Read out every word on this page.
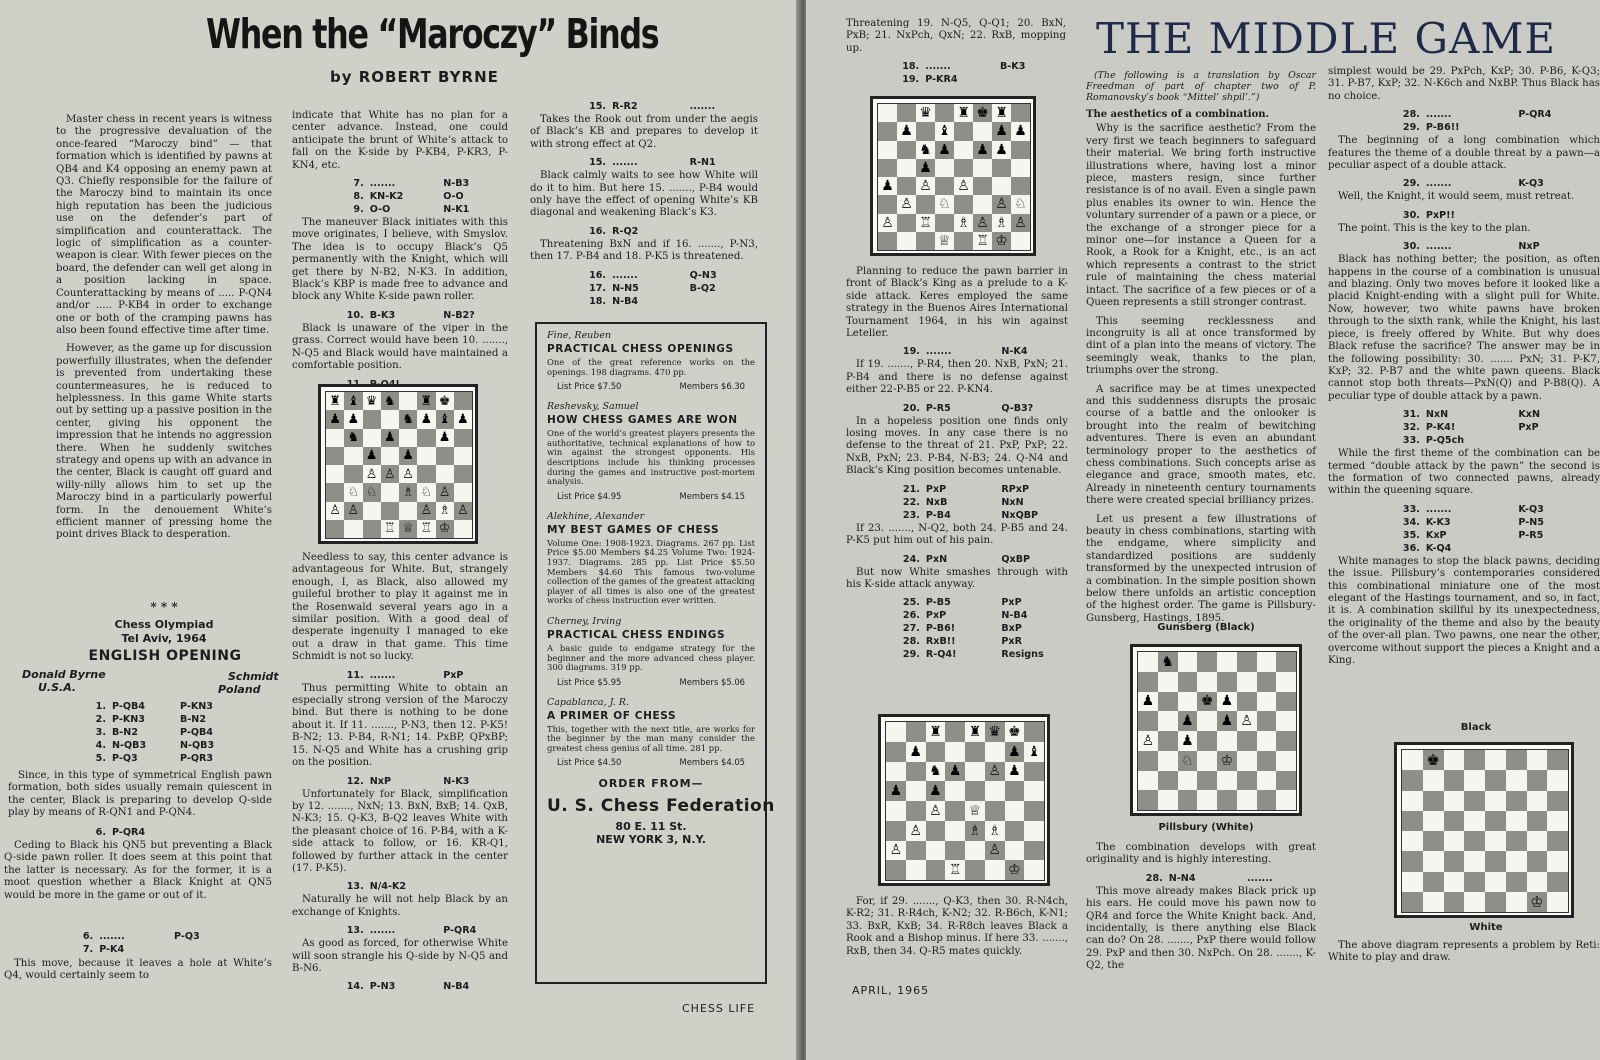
When the “Maroczy” Binds
by ROBERT BYRNE

Master chess in recent years is witness to the progressive devaluation of the once-feared “Maroczy bind” — that formation which is identified by pawns at QB4 and K4 opposing an enemy pawn at Q3. Chiefly responsible for the failure of the Maroczy bind to maintain its once high reputation has been the judicious use on the defender’s part of simplification and counterattack. The logic of simplification as a counter-weapon is clear. With fewer pieces on the board, the defender can well get along in a position lacking in space. Counterattacking by means of ..... P-QN4 and/or ..... P-KB4 in order to exchange one or both of the cramping pawns has also been found effective time after time.

However, as the game up for discussion powerfully illustrates, when the defender is prevented from undertaking these countermeasures, he is reduced to helplessness. In this game White starts out by setting up a passive position in the center, giving his opponent the impression that he intends no aggression there. When he suddenly switches strategy and opens up with an advance in the center, Black is caught off guard and willy-nilly allows him to set up the Maroczy bind in a particularly powerful form. In the denouement White’s efficient manner of pressing home the point drives Black to desperation.

* * *
Chess Olympiad
Tel Aviv, 1964
ENGLISH OPENING
Donald Byrne
U.S.A.
Schmidt
Poland
1. P-QB4	P-KN3
2. P-KN3	B-N2
3. B-N2	P-QB4
4. N-QB3	N-QB3
5. P-Q3	P-QR3

Since, in this type of symmetrical English pawn formation, both sides usually remain quiescent in the center, Black is preparing to develop Q-side play by means of R-QN1 and P-QN4.

6. P-QR4

Ceding to Black his QN5 but preventing a Black Q-side pawn roller. It does seem at this point that the latter is necessary. As for the former, it is a moot question whether a Black Knight at QN5 would be more in the game or out of it.

6. .......	P-Q3
7. P-K4

This move, because it leaves a hole at White’s Q4, would certainly seem to

indicate that White has no plan for a center advance. Instead, one could anticipate the brunt of White’s attack to fall on the K-side by P-KB4, P-KR3, P-KN4, etc.

7. .......	N-B3
8. KN-K2	O-O
9. O-O	N-K1

The maneuver Black initiates with this move originates, I believe, with Smyslov. The idea is to occupy Black’s Q5 permanently with the Knight, which will get there by N-B2, N-K3. In addition, Black’s KBP is made free to advance and block any White K-side pawn roller.

10. B-K3	N-B2?

Black is unaware of the viper in the grass. Correct would have been 10. ......., N-Q5 and Black would have maintained a comfortable position.

♜ ♝ ♛ ♞ ♜ ♚
♟ ♟	♞ ♟ ♝ ♟
♞ ♟	♟
♟ ♟
♙ ♙ ♙
♘ ♘ ♗ ♘ ♙
♙ ♙	♙ ♗ ♙
♖ ♕ ♖ ♔

Needless to say, this center advance is advantageous for White. But, strangely enough, I, as Black, also allowed my guileful brother to play it against me in the Rosenwald several years ago in a similar position. With a good deal of desperate ingenuity I managed to eke out a draw in that game. This time Schmidt is not so lucky.

11. .......	PxP

Thus permitting White to obtain an especially strong version of the Maroczy bind. But there is nothing to be done about it. If 11. ......., P-N3, then 12. P-K5! B-N2; 13. P-B4, R-N1; 14. PxBP, QPxBP; 15. N-Q5 and White has a crushing grip on the position.

12. NxP	N-K3

Unfortunately for Black, simplification by 12. ......., NxN; 13. BxN, BxB; 14. QxB, N-K3; 15. Q-K3, B-Q2 leaves White with the pleasant choice of 16. P-B4, with a K-side attack to follow, or 16. KR-Q1, followed by further attack in the center (17. P-K5).

13. N/4-K2

Naturally he will not help Black by an exchange of Knights.

13. .......	P-QR4

As good as forced, for otherwise White will soon strangle his Q-side by N-Q5 and B-N6.

14. P-N3	N-B4
15. R-R2	.......

Takes the Rook out from under the aegis of Black’s KB and prepares to develop it with strong effect at Q2.

15. .......	R-N1

Black calmly waits to see how White will do it to him. But here 15. ......., P-B4 would only have the effect of opening White’s KB diagonal and weakening Black’s K3.

16. R-Q2

Threatening BxN and if 16. ......., P-N3, then 17. P-B4 and 18. P-K5 is threatened.

16. .......	Q-N3
17. N-N5	B-Q2
18. N-B4
Fine, Reuben
PRACTICAL CHESS OPENINGS
One of the great reference works on the openings. 198 diagrams. 470 pp.
List Price $7.50	Members $6.30
Reshevsky, Samuel
HOW CHESS GAMES ARE WON
One of the world’s greatest players presents the authoritative, technical explanations of how to win against the strongest opponents. His descriptions include his thinking processes during the games and instructive post-mortem analysis.
List Price $4.95	Members $4.15
Alekhine, Alexander
MY BEST GAMES OF CHESS
Volume One: 1908-1923. Diagrams. 267 pp. List Price $5.00 Members $4.25 Volume Two: 1924-1937. Diagrams. 285 pp. List Price $5.50 Members $4.60 This famous two-volume collection of the games of the greatest attacking player of all times is also one of the greatest works of chess instruction ever written.
Cherney, Irving
PRACTICAL CHESS ENDINGS
A basic guide to endgame strategy for the beginner and the more advanced chess player. 300 diagrams. 319 pp.
List Price $5.95	Members $5.06
Capablanca, J. R.
A PRIMER OF CHESS
This, together with the next title, are works for the beginner by the man many consider the greatest chess genius of all time. 281 pp.
List Price $4.50	Members $4.05
ORDER FROM—
U. S. Chess Federation
80 E. 11 St.
NEW YORK 3, N.Y.
CHESS LIFE

Threatening 19. N-Q5, Q-Q1; 20. BxN, PxB; 21. NxPch, QxN; 22. RxB, mopping up.

18. .......	B-K3
19. P-KR4
♛ ♜ ♚ ♜
♟ ♝	♟ ♟
♞ ♟ ♟ ♟
♟
♟ ♙ ♙
♙ ♘	♙ ♘
♙ ♖ ♗ ♙ ♗ ♙
♕ ♖ ♔

Planning to reduce the pawn barrier in front of Black’s King as a prelude to a K-side attack. Keres employed the same strategy in the Buenos Aires International Tournament 1964, in his win against Letelier.

19. .......	N-K4

If 19. ......., P-R4, then 20. NxB, PxN; 21. P-B4 and there is no defense against either 22-P-B5 or 22. P-KN4.

20. P-R5	Q-B3?

In a hopeless position one finds only losing moves. In any case there is no defense to the threat of 21. PxP, PxP; 22. NxB, PxN; 23. P-B4, N-B3; 24. Q-N4 and Black’s King position becomes untenable.

21. PxP	RPxP
22. NxB	NxN
23. P-B4	NxQBP

If 23. ......., N-Q2, both 24. P-B5 and 24. P-K5 put him out of his pain.

24. PxN	QxBP

But now White smashes through with his K-side attack anyway.

25. P-B5	PxP
26. PxP	N-B4
27. P-B6!	BxP
28. RxB!!	PxR
29. R-Q4!	Resigns
♜ ♜ ♛ ♚
♟	♟ ♝
♞ ♟ ♙ ♟
♟ ♟
♙ ♕
♙	♗ ♗
♙	♙
♖	♔

For, if 29. ......., Q-K3, then 30. R-N4ch, K-R2; 31. R-R4ch, K-N2; 32. R-B6ch, K-N1; 33. BxR, KxB; 34. R-R8ch leaves Black a Rook and a Bishop minus. If here 33. ......., RxB, then 34. Q-R5 mates quickly.

APRIL, 1965
THE MIDDLE GAME

(The following is a translation by Oscar Freedman of part of chapter two of P. Romanovsky’s book “Mittel’ shpil’.”)

The aesthetics of a combination.

Why is the sacrifice aesthetic? From the very first we teach beginners to safeguard their material. We bring forth instructive illustrations where, having lost a minor piece, masters resign, since further resistance is of no avail. Even a single pawn plus enables its owner to win. Hence the voluntary surrender of a pawn or a piece, or the exchange of a stronger piece for a minor one—for instance a Queen for a Rook, a Rook for a Knight, etc., is an act which represents a contrast to the strict rule of maintaining the chess material intact. The sacrifice of a few pieces or of a Queen represents a still stronger contrast.

This seeming recklessness and incongruity is all at once transformed by dint of a plan into the means of victory. The seemingly weak, thanks to the plan, triumphs over the strong.

A sacrifice may be at times unexpected and this suddenness disrupts the prosaic course of a battle and the onlooker is brought into the realm of bewitching adventures. There is even an abundant terminology proper to the aesthetics of chess combinations. Such concepts arise as elegance and grace, smooth mates, etc. Already in nineteenth century tournaments there were created special brilliancy prizes.

Let us present a few illustrations of beauty in chess combinations, starting with the endgame, where simplicity and standardized positions are suddenly transformed by the unexpected intrusion of a combination. In the simple position shown below there unfolds an artistic conception of the highest order. The game is Pillsbury-Gunsberg, Hastings, 1895.

Gunsberg (Black)
♞
♟	♚ ♟
♟ ♟ ♙
♙ ♟
♘ ♔
Pillsbury (White)

The combination develops with great originality and is highly interesting.

28. N-N4	.......

This move already makes Black prick up his ears. He could move his pawn now to QR4 and force the White Knight back. And, incidentally, is there anything else Black can do? On 28. ......., PxP there would follow 29. PxP and then 30. NxPch. On 28. ......., K-Q2, the

simplest would be 29. PxPch, KxP; 30. P-B6, K-Q3; 31. P-B7, KxP; 32. N-K6ch and NxBP. Thus Black has no choice.

28. .......	P-QR4
29. P-B6!!

The beginning of a long combination which features the theme of a double threat by a pawn—a peculiar aspect of a double attack.

29. .......	K-Q3

Well, the Knight, it would seem, must retreat.

30. PxP!!

The point. This is the key to the plan.

30. .......	NxP

Black has nothing better; the position, as often happens in the course of a combination is unusual and blazing. Only two moves before it looked like a placid Knight-ending with a slight pull for White. Now, however, two white pawns have broken through to the sixth rank, while the Knight, his last piece, is freely offered by White. But why does Black refuse the sacrifice? The answer may be in the following possibility: 30. ....... PxN; 31. P-K7, KxP; 32. P-B7 and the white pawn queens. Black cannot stop both threats—PxN(Q) and P-B8(Q). A peculiar type of double attack by a pawn.

31. NxN	KxN
32. P-K4!	PxP
33. P-Q5ch

While the first theme of the combination can be termed “double attack by the pawn” the second is the formation of two connected pawns, already within the queening square.

33. .......	K-Q3
34. K-K3	P-N5
35. KxP	P-R5
36. K-Q4

White manages to stop the black pawns, deciding the issue. Pillsbury’s contemporaries considered this combinational miniature one of the most elegant of the Hastings tournament, and so, in fact, it is. A combination skillful by its unexpectedness, the originality of the theme and also by the beauty of the over-all plan. Two pawns, one near the other, overcome without support the pieces a Knight and a King.

Black
♚
♔
White

The above diagram represents a problem by Reti: White to play and draw.
